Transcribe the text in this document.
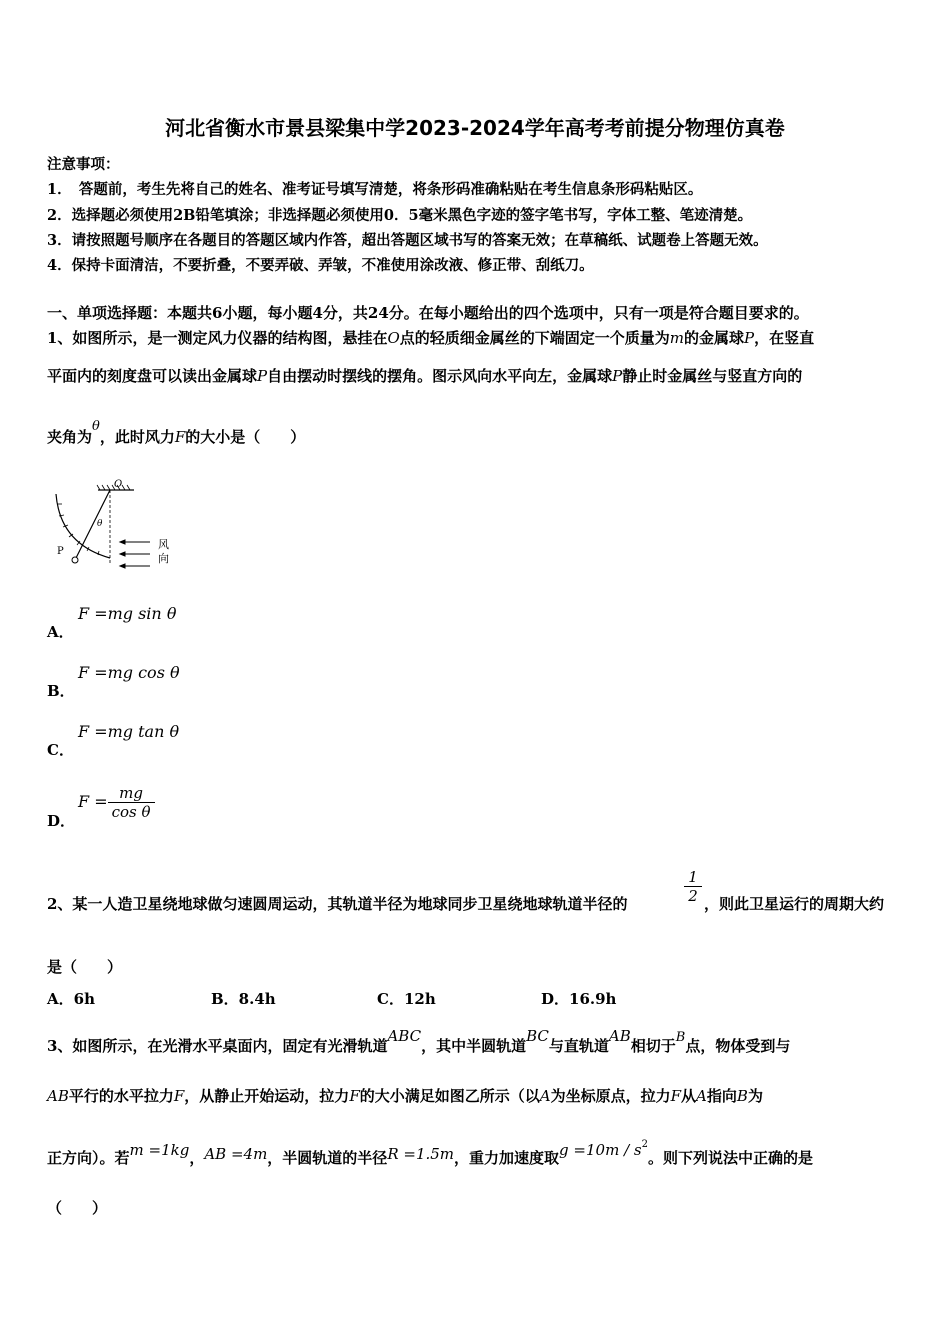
河北省衡水市景县梁集中学2023-2024学年高考考前提分物理仿真卷
注意事项：
1．　答题前，考生先将自己的姓名、准考证号填写清楚，将条形码准确粘贴在考生信息条形码粘贴区。
2．选择题必须使用2B铅笔填涂；非选择题必须使用0．5毫米黑色字迹的签字笔书写，字体工整、笔迹清楚。
3．请按照题号顺序在各题目的答题区域内作答，超出答题区域书写的答案无效；在草稿纸、试题卷上答题无效。
4．保持卡面清洁，不要折叠，不要弄破、弄皱，不准使用涂改液、修正带、刮纸刀。
一、单项选择题：本题共6小题，每小题4分，共24分。在每小题给出的四个选项中，只有一项是符合题目要求的。
1、如图所示，是一测定风力仪器的结构图，悬挂在O点的轻质细金属丝的下端固定一个质量为m的金属球P，在竖直
平面内的刻度盘可以读出金属球P自由摆动时摆线的摆角。图示风向水平向左，金属球P静止时金属丝与竖直方向的
夹角为θ，此时风力F的大小是（　　）
O
θ
P
风
向
A．
F =mg sin θ
B．
F =mg cos θ
C．
F =mg tan θ
D．
$F = \frac{mg}{\text{cos θ}}$
2、某一人造卫星绕地球做匀速圆周运动，其轨道半径为地球同步卫星绕地球轨道半径的
1
2 ，则此卫星运行的周期大约
是（　　）
A．6h	B．8.4h	C．12h	D．16.9h
3、如图所示，在光滑水平桌面内，固定有光滑轨道ABC，其中半圆轨道BC与直轨道AB相切于B点，物体受到与
AB平行的水平拉力F，从静止开始运动，拉力F的大小满足如图乙所示（以A为坐标原点，拉力F从A指向B为
正方向）。若m =1kg，AB =4m，半圆轨道的半径R =1.5m，重力加速度取$g =10m / s^2$。则下列说法中正确的是
（　　）
